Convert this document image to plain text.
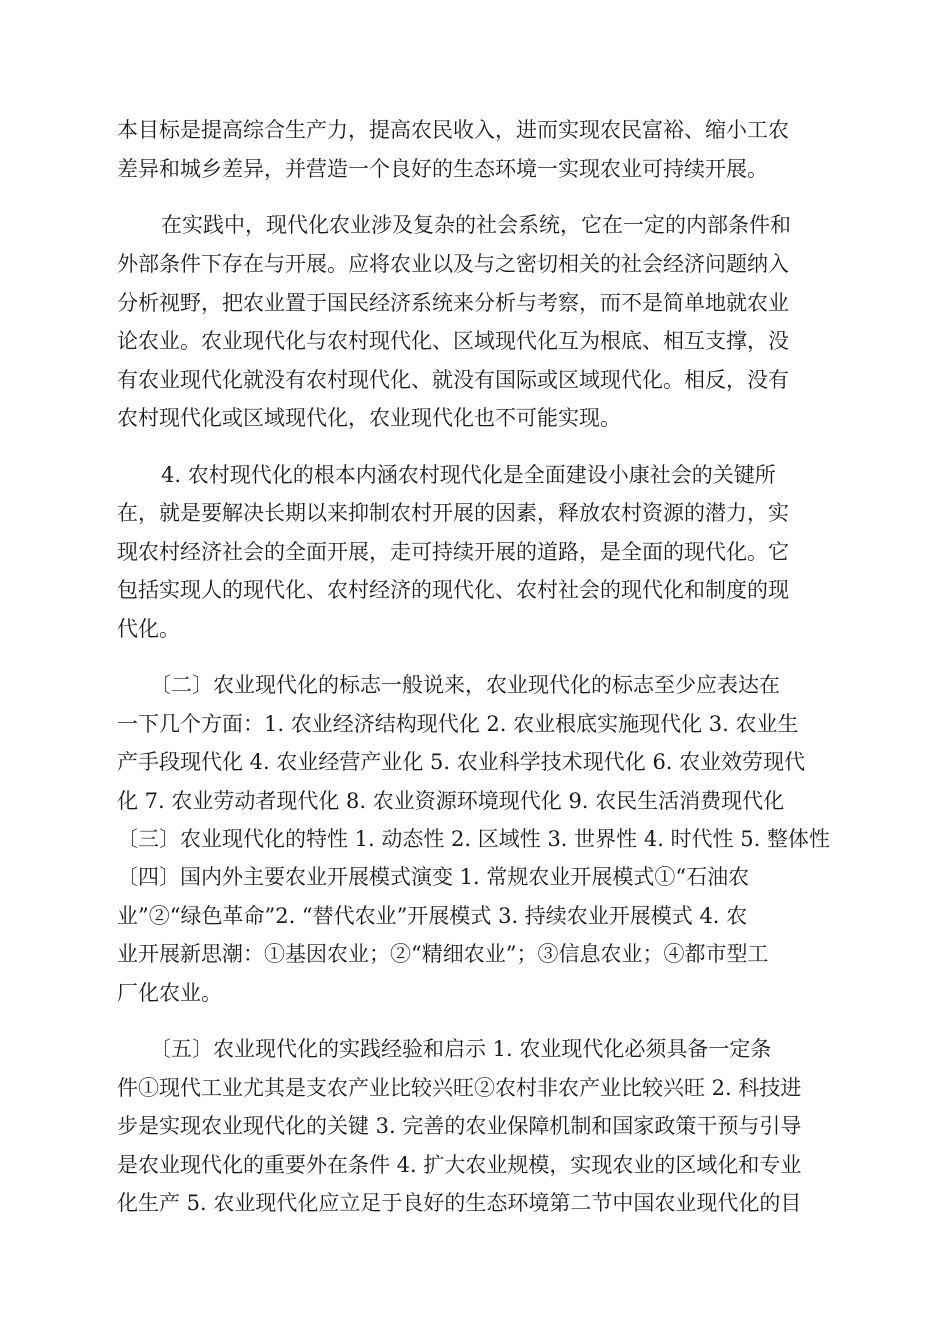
本目标是提高综合生产力，提高农民收入，进而实现农民富裕、缩小工农
差异和城乡差异，并营造一个良好的生态环境一实现农业可持续开展。
在实践中，现代化农业涉及复杂的社会系统，它在一定的内部条件和
外部条件下存在与开展。应将农业以及与之密切相关的社会经济问题纳入
分析视野，把农业置于国民经济系统来分析与考察，而不是简单地就农业
论农业。农业现代化与农村现代化、区域现代化互为根底、相互支撑，没
有农业现代化就没有农村现代化、就没有国际或区域现代化。相反，没有
农村现代化或区域现代化，农业现代化也不可能实现。
4. 农村现代化的根本内涵农村现代化是全面建设小康社会的关键所
在，就是要解决长期以来抑制农村开展的因素，释放农村资源的潜力，实
现农村经济社会的全面开展，走可持续开展的道路，是全面的现代化。它
包括实现人的现代化、农村经济的现代化、农村社会的现代化和制度的现
代化。
〔二〕农业现代化的标志一般说来，农业现代化的标志至少应表达在
一下几个方面：1. 农业经济结构现代化 2. 农业根底实施现代化 3. 农业生
产手段现代化 4. 农业经营产业化 5. 农业科学技术现代化 6. 农业效劳现代
化 7. 农业劳动者现代化 8. 农业资源环境现代化 9. 农民生活消费现代化
〔三〕农业现代化的特性 1. 动态性 2. 区域性 3. 世界性 4. 时代性 5. 整体性
〔四〕国内外主要农业开展模式演变 1. 常规农业开展模式①“石油农
业”②“绿色革命”2. “替代农业”开展模式 3. 持续农业开展模式 4. 农
业开展新思潮：①基因农业；②“精细农业”；③信息农业；④都市型工
厂化农业。
〔五〕农业现代化的实践经验和启示 1. 农业现代化必须具备一定条
件①现代工业尤其是支农产业比较兴旺②农村非农产业比较兴旺 2. 科技进
步是实现农业现代化的关键 3. 完善的农业保障机制和国家政策干预与引导
是农业现代化的重要外在条件 4. 扩大农业规模，实现农业的区域化和专业
化生产 5. 农业现代化应立足于良好的生态环境第二节中国农业现代化的目
